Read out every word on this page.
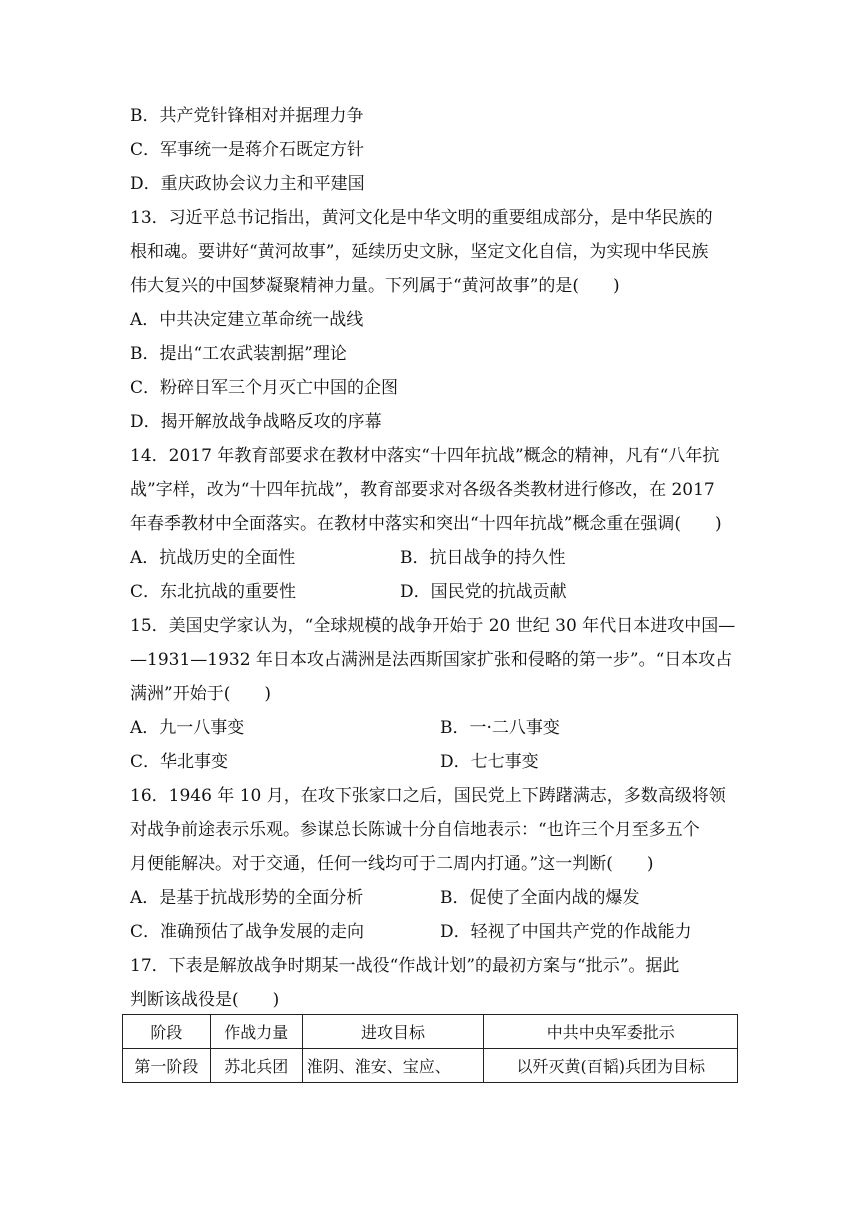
B．共产党针锋相对并据理力争
C．军事统一是蒋介石既定方针
D．重庆政协会议力主和平建国
13．习近平总书记指出，黄河文化是中华文明的重要组成部分，是中华民族的
根和魂。要讲好“黄河故事”，延续历史文脉，坚定文化自信，为实现中华民族
伟大复兴的中国梦凝聚精神力量。下列属于“黄河故事”的是(　　)
A．中共决定建立革命统一战线
B．提出“工农武装割据”理论
C．粉碎日军三个月灭亡中国的企图
D．揭开解放战争战略反攻的序幕
14．2017 年教育部要求在教材中落实“十四年抗战”概念的精神，凡有“八年抗
战”字样，改为“十四年抗战”，教育部要求对各级各类教材进行修改，在 2017
年春季教材中全面落实。在教材中落实和突出“十四年抗战”概念重在强调(　　)
A．抗战历史的全面性	B．抗日战争的持久性
C．东北抗战的重要性	D．国民党的抗战贡献
15．美国史学家认为，“全球规模的战争开始于 20 世纪 30 年代日本进攻中国—
—1931—1932 年日本攻占满洲是法西斯国家扩张和侵略的第一步”。“日本攻占
满洲”开始于(　　)
A．九一八事变	B．一·二八事变
C．华北事变	D．七七事变
16．1946 年 10 月，在攻下张家口之后，国民党上下踌躇满志，多数高级将领
对战争前途表示乐观。参谋总长陈诚十分自信地表示：“也许三个月至多五个
月便能解决。对于交通，任何一线均可于二周内打通。”这一判断(　　)
A．是基于抗战形势的全面分析	B．促使了全面内战的爆发
C．准确预估了战争发展的走向	D．轻视了中国共产党的作战能力
17．下表是解放战争时期某一战役“作战计划”的最初方案与“批示”。据此
判断该战役是(　　)
阶段	作战力量	进攻目标	中共中央军委批示
第一阶段	苏北兵团	淮阴、淮安、宝应、	以歼灭黄(百韬)兵团为目标
